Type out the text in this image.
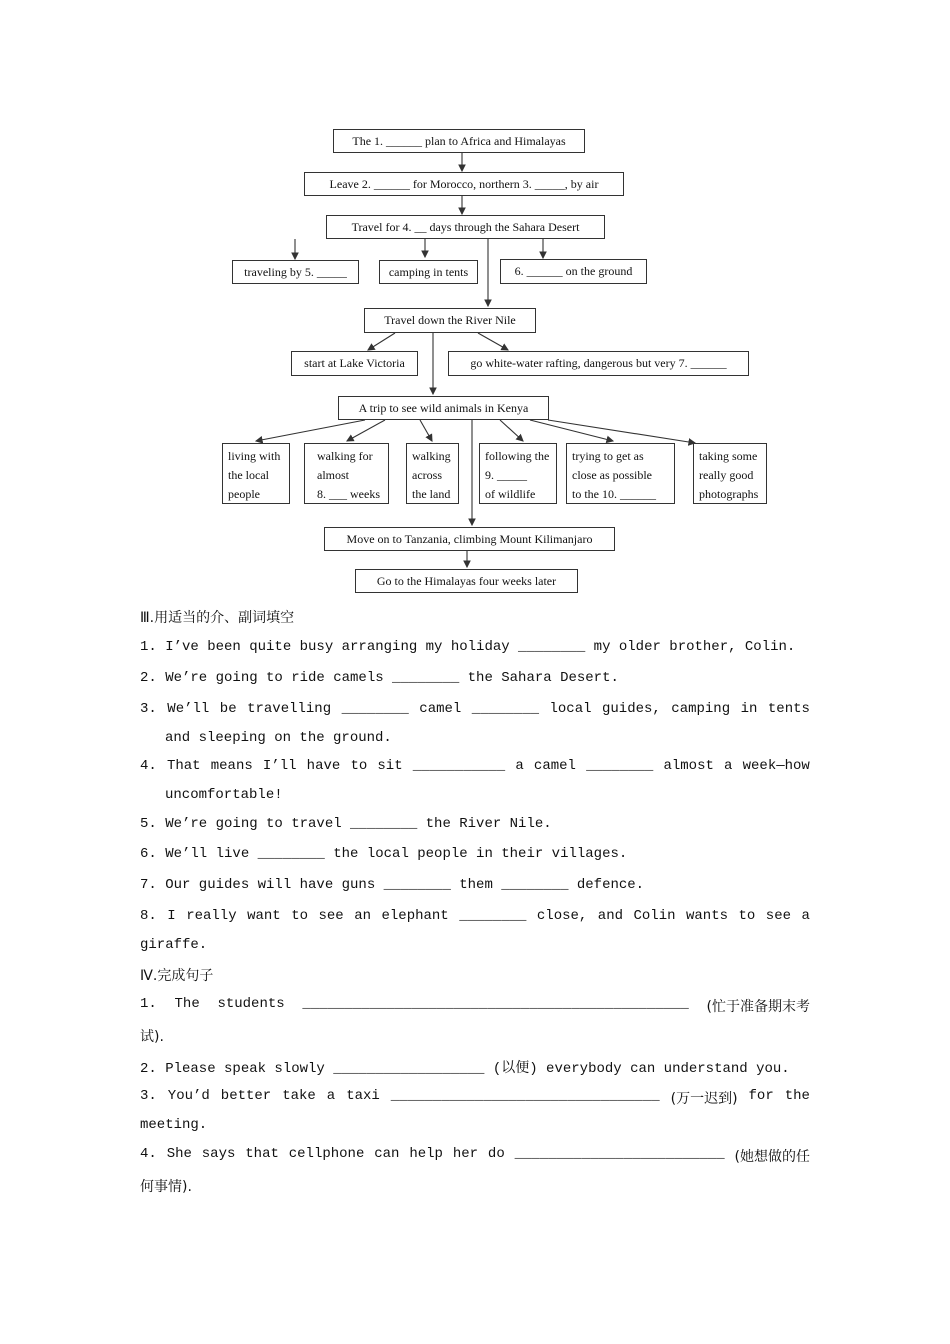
The 1. ______ plan to Africa and Himalayas
Leave 2. ______ for Morocco, northern 3. _____, by air
Travel for 4. __ days through the Sahara Desert
traveling by 5. _____	camping in tents	6. ______ on the ground
Travel down the River Nile
start at Lake Victoria	go white-water rafting, dangerous but very 7. ______
A trip to see wild animals in Kenya
living with
the local
people
walking for
almost
8. ___ weeks
walking
across
the land
following the
9. _____
of wildlife
trying to get as
close as possible
to the 10. ______
taking some
really good
photographs
Move on to Tanzania, climbing Mount Kilimanjaro
Go to the Himalayas four weeks later
Ⅲ.用适当的介、副词填空
1. I’ve been quite busy arranging my holiday ________ my older brother, Colin.
2. We’re going to ride camels ________ the Sahara Desert.
3. We’ll be travelling ________ camel ________ local guides, camping in tents
and sleeping on the ground.
4. That means I’ll have to sit ___________ a camel ________ almost a week—how
uncomfortable!
5. We’re going to travel ________ the River Nile.
6. We’ll live ________ the local people in their villages.
7. Our guides will have guns ________ them ________ defence.
8. I really want to see an elephant ________ close, and Colin wants to see a
giraffe.
Ⅳ.完成句子
1. The students ______________________________________________ (忙于准备期末考
试).
2. Please speak slowly __________________ (以便) everybody can understand you.
3. You’d better take a taxi ________________________________ (万一迟到) for the
meeting.
4. She says that cellphone can help her do _________________________ (她想做的任
何事情).
